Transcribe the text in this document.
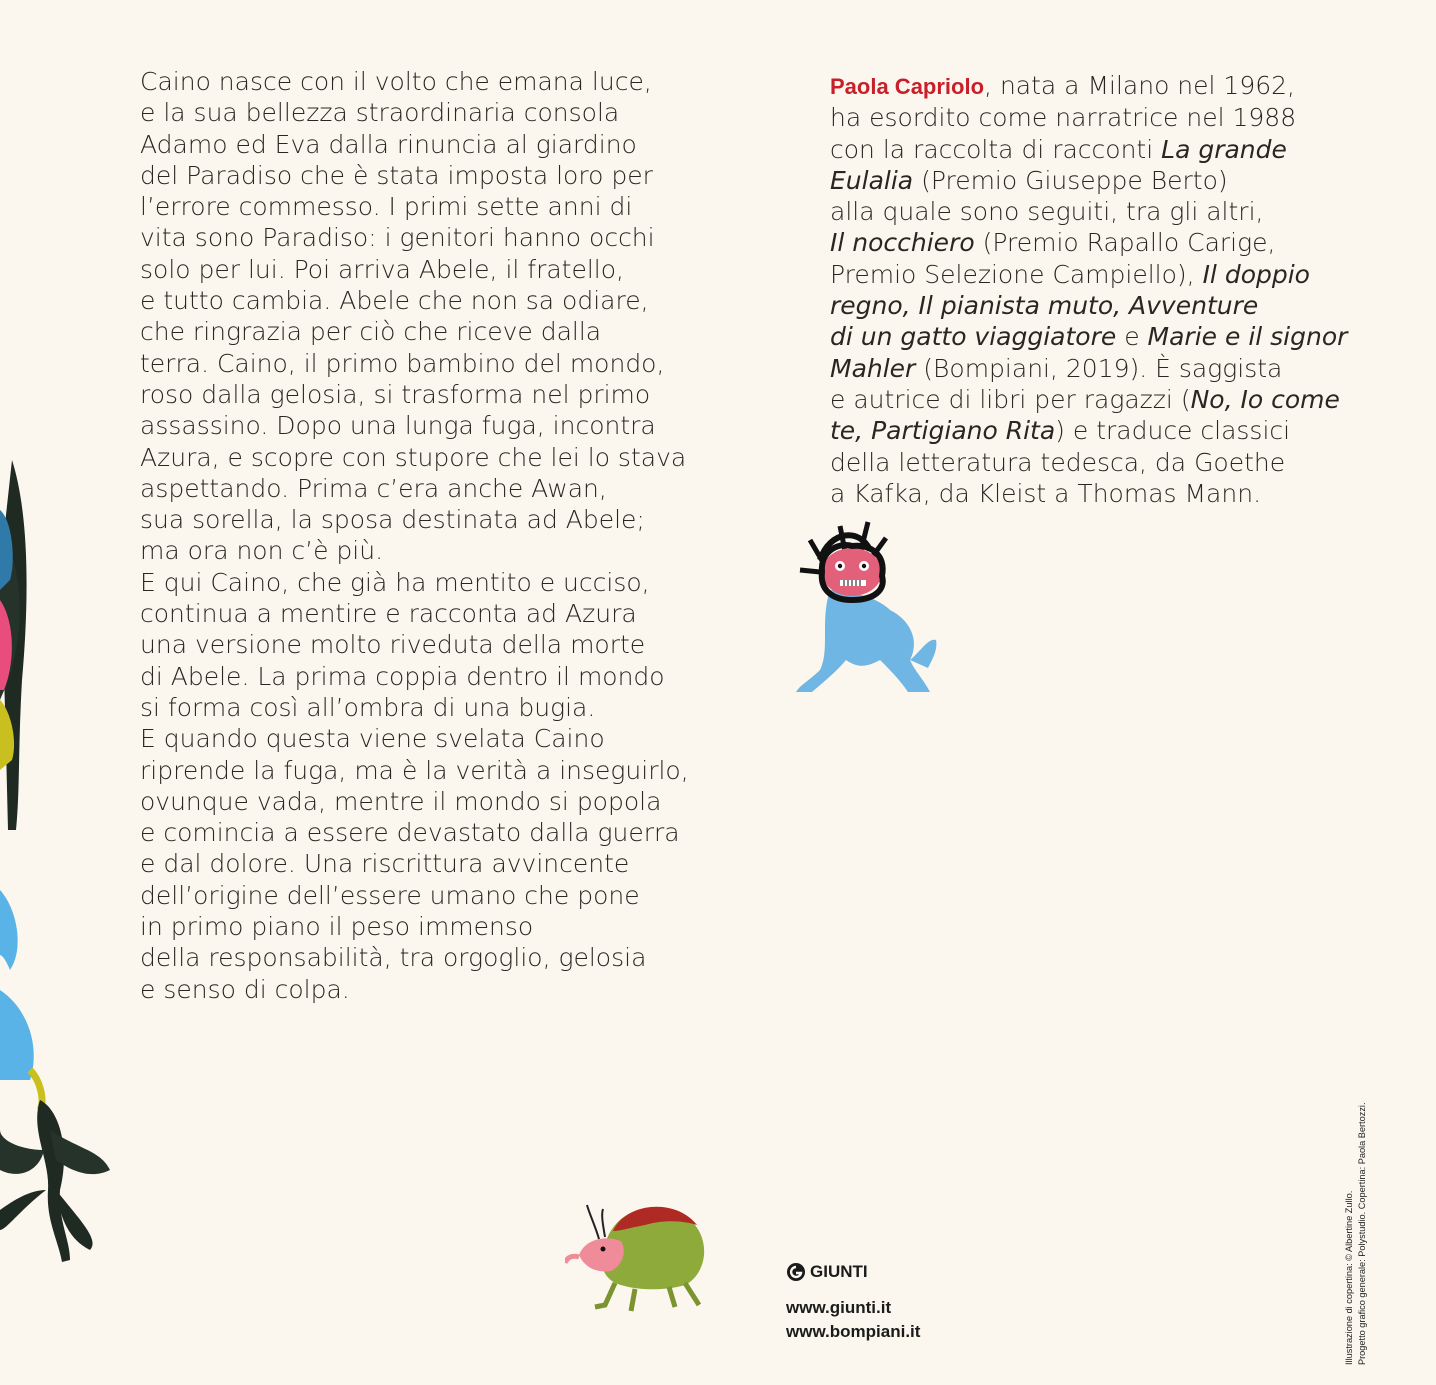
Caino nasce con il volto che emana luce,
e la sua bellezza straordinaria consola
Adamo ed Eva dalla rinuncia al giardino
del Paradiso che è stata imposta loro per
l’errore commesso. I primi sette anni di
vita sono Paradiso: i genitori hanno occhi
solo per lui. Poi arriva Abele, il fratello,
e tutto cambia. Abele che non sa odiare,
che ringrazia per ciò che riceve dalla
terra. Caino, il primo bambino del mondo,
roso dalla gelosia, si trasforma nel primo
assassino. Dopo una lunga fuga, incontra
Azura, e scopre con stupore che lei lo stava
aspettando. Prima c’era anche Awan,
sua sorella, la sposa destinata ad Abele;
ma ora non c’è più.
E qui Caino, che già ha mentito e ucciso,
continua a mentire e racconta ad Azura
una versione molto riveduta della morte
di Abele. La prima coppia dentro il mondo
si forma così all’ombra di una bugia.
E quando questa viene svelata Caino
riprende la fuga, ma è la verità a inseguirlo,
ovunque vada, mentre il mondo si popola
e comincia a essere devastato dalla guerra
e dal dolore. Una riscrittura avvincente
dell’origine dell’essere umano che pone
in primo piano il peso immenso
della responsabilità, tra orgoglio, gelosia
e senso di colpa.
Paola Capriolo, nata a Milano nel 1962,
ha esordito come narratrice nel 1988
con la raccolta di racconti La grande
Eulalia (Premio Giuseppe Berto)
alla quale sono seguiti, tra gli altri,
Il nocchiero (Premio Rapallo Carige,
Premio Selezione Campiello), Il doppio
regno, Il pianista muto, Avventure
di un gatto viaggiatore e Marie e il signor
Mahler (Bompiani, 2019). È saggista
e autrice di libri per ragazzi (No, Io come
te, Partigiano Rita) e traduce classici
della letteratura tedesca, da Goethe
a Kafka, da Kleist a Thomas Mann.
GIUNTI
www.giunti.it
www.bompiani.it	Illustrazione di copertina: © Albertine Zullo. Progetto grafico generale: Polystudio. Copertina: Paola Bertozzi.
